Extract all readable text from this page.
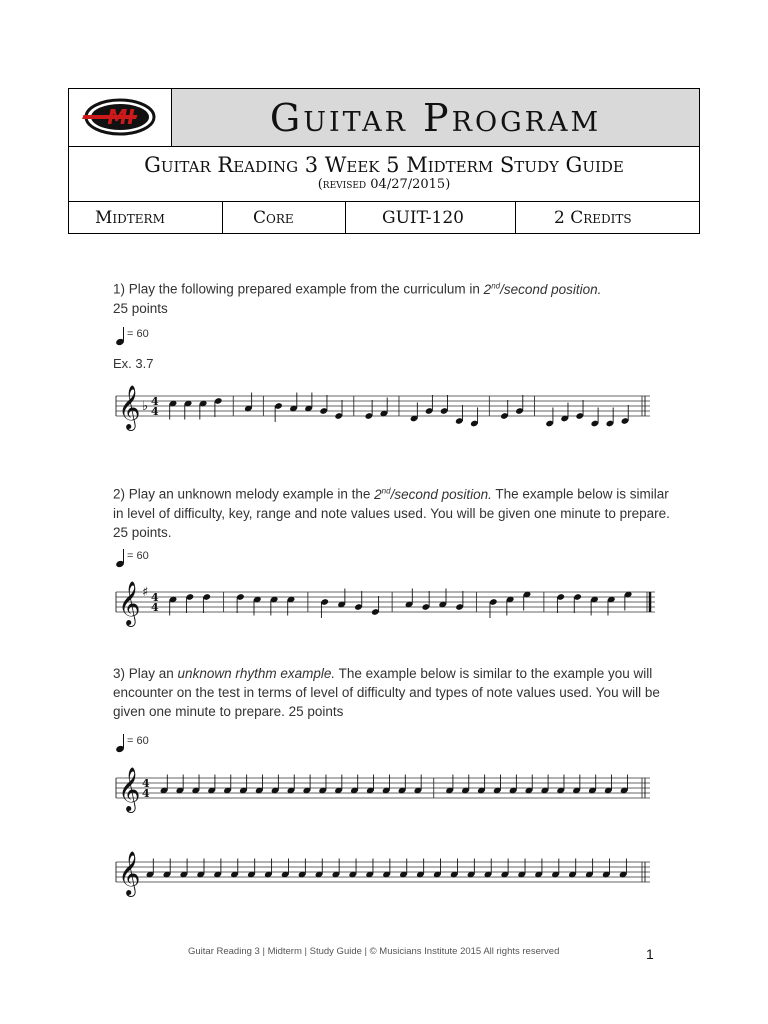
MI	Guitar Program
Guitar Reading 3 Week 5 Midterm Study Guide
(revised 04/27/2015)
Midterm	Core	GUIT-120	2 Credits
1) Play the following prepared example from the curriculum in 2nd/second position.
25 points
= 60
Ex. 3.7
𝄞 ♭ 4
4
2) Play an unknown melody example in the 2nd/second position. The example below is similar in level of difficulty, key, range and note values used. You will be given one minute to prepare. 25 points.
= 60
𝄞 ♯ 4
4
3) Play an unknown rhythm example. The example below is similar to the example you will encounter on the test in terms of level of difficulty and types of note values used. You will be given one minute to prepare. 25 points
= 60
𝄞 4
4
𝄞
Guitar Reading 3 | Midterm | Study Guide | © Musicians Institute 2015 All rights reserved	1
